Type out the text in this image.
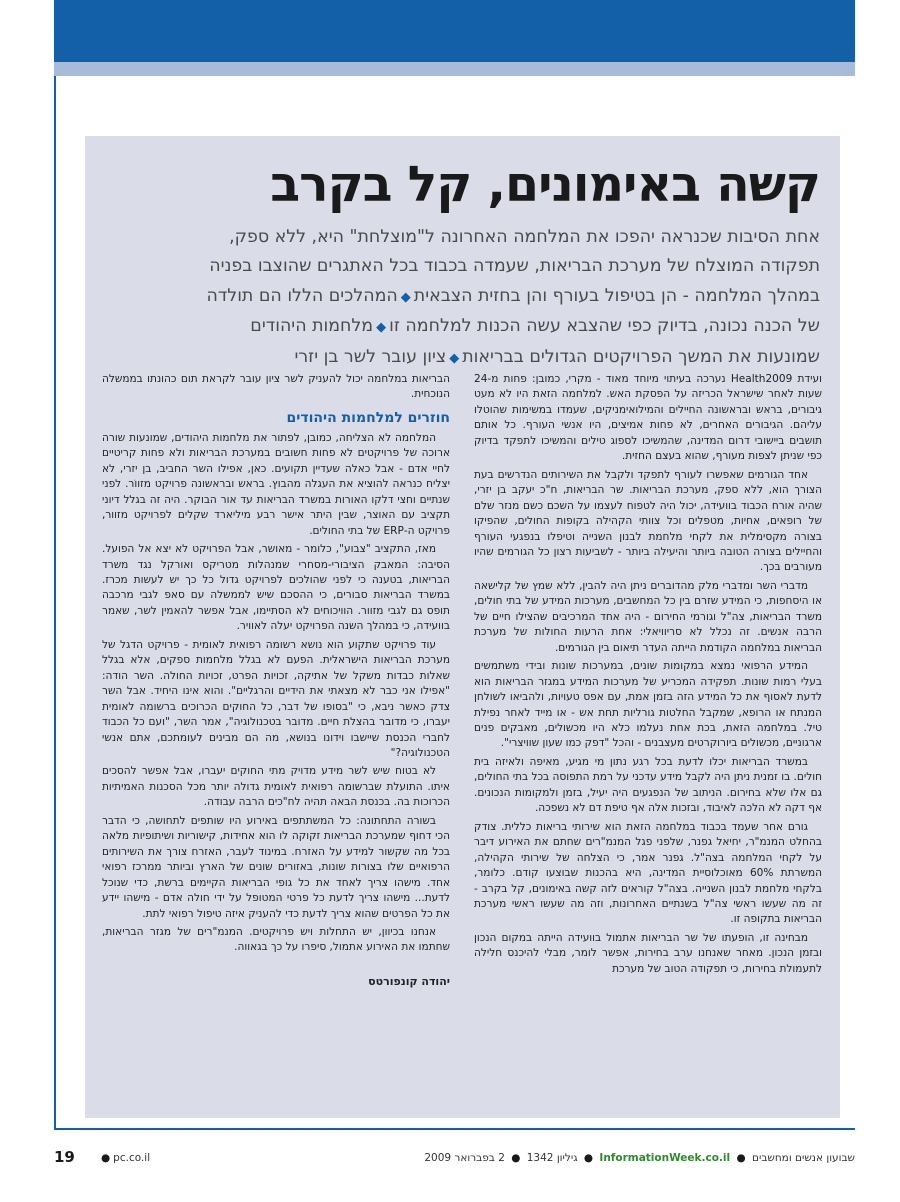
קשה באימונים, קל בקרב
אחת הסיבות שכנראה יהפכו את המלחמה האחרונה ל"מוצלחת" היא, ללא ספק,
תפקודה המוצלח של מערכת הבריאות, שעמדה בכבוד בכל האתגרים שהוצבו בפניה
במהלך המלחמה - הן בטיפול בעורף והן בחזית הצבאית◆המהלכים הללו הם תולדה
של הכנה נכונה, בדיוק כפי שהצבא עשה הכנות למלחמה זו◆מלחמות היהודים
שמונעות את המשך הפרויקטים הגדולים בבריאות◆ציון עובר לשר בן יזרי

ועידת Health2009 נערכה בעיתוי מיוחד מאוד - מקרי, כמובן: פחות מ-24 שעות לאחר שישראל הכריזה על הפסקת האש. למלחמה הזאת היו לא מעט גיבורים, בראש ובראשונה החיילים והמילואימניקים, שעמדו במשימות שהוטלו עליהם. הגיבורים האחרים, לא פחות אמיצים, היו אנשי העורף. כל אותם תושבים ביישובי דרום המדינה, שהמשיכו לספוג טילים והמשיכו לתפקד בדיוק כפי שניתן לצפות מעורף, שהוא בעצם החזית.

אחד הגורמים שאפשרו לעורף לתפקד ולקבל את השירותים הנדרשים בעת הצורך הוא, ללא ספק, מערכת הבריאות. שר הבריאות, ח"כ יעקב בן יזרי, שהיה אורח הכבוד בוועידה, יכול היה לטפוח לעצמו על השכם כשם מנזר שלם של רופאים, אחיות, מטפלים וכל צוותי הקהילה בקופות החולים, שהפיקו בצורה מקסימלית את לקחי מלחמת לבנון השנייה וטיפלו בנפגעי העורף והחיילים בצורה הטובה ביותר והיעילה ביותר - לשביעות רצון כל הגורמים שהיו מעורבים בכך.

מדברי השר ומדברי מלק מהדוברים ניתן היה להבין, ללא שמץ של קלישאה או היסחפות, כי המידע שזרם בין כל המחשבים, מערכות המידע של בתי חולים, משרד הבריאות, צה"ל וגורמי החירום - היה אחד המרכיבים שהצילו חיים של הרבה אנשים. זה נכלל לא סריוויאלי: אחת הרעות החולות של מערכת הבריאות במלחמה הקודמת הייתה העדר תיאום בין הגורמים.

המידע הרפואי נמצא במקומות שונים, במערכות שונות ובידי משתמשים בעלי רמות שונות. תפקידה המכריע של מערכות המידע במגזר הבריאות הוא לדעת לאסוף את כל המידע הזה בזמן אמת, עם אפס טעויות, ולהביאו לשולחן המנתח או הרופא, שמקבל החלטות גורליות תחת אש - או מייד לאחר נפילת טיל. במלחמה הזאת, בכת אחת נעלמו כלא היו מכשולים, מאבקים פנים ארגוניים, מכשולים ביורוקרטים מעצבנים - והכל "דפק כמו שעון שוויצרי".

במשרד הבריאות יכלו לדעת בכל רגע נתון מי מגיע, מאיפה ולאיזה בית חולים. בו זמנית ניתן היה לקבל מידע עדכני על רמת התפוסה בכל בתי החולים, גם אלו שלא בחירום. הניתוב של הנפגעים היה יעיל, בזמן ולמקומות הנכונים. אף דקה לא הלכה לאיבוד, ובזכות אלה אף טיפת דם לא נשפכה.

גורם אחר שעמד בכבוד במלחמה הזאת הוא שירותי בריאות כללית. צודק בהחלט המנמ"ר, יחיאל גפנר, שלפני פגל המנמ"רים שחתם את האירוע דיבר על לקחי המלחמה בצה"ל. גפנר אמר, כי הצלחה של שירותי הקהילה, המשרתת 60% מאוכלוסיית המדינה, היא בהכנות שבוצעו קודם. כלומר, בלקחי מלחמת לבנון השנייה. בצה"ל קוראים לזה קשה באימונים, קל בקרב - זה מה שעשו ראשי צה"ל בשנתיים האחרונות, וזה מה שעשו ראשי מערכת הבריאות בתקופה זו.

מבחינה זו, הופעתו של שר הבריאות אתמול בוועידה הייתה במקום הנכון ובזמן הנכון. מאחר שאנחנו ערב בחירות, אפשר לומר, מבלי להיכנס חלילה לתעמולת בחירות, כי תפקודה הטוב של מערכת

הבריאות במלחמה יכול להעניק לשר ציון עובר לקראת תום כהונתו בממשלה הנוכחית.

חוזרים למלחמות היהודים

המלחמה לא הצליחה, כמובן, לפתור את מלחמות היהודים, שמונעות שורה ארוכה של פרויקטים לא פחות חשובים במערכת הבריאות ולא פחות קריטיים לחיי אדם - אבל כאלה שעדיין תקועים. כאן, אפילו השר החביב, בן יזרי, לא יצליח כנראה להוציא את העגלה מהבוץ. בראש ובראשונה פרויקט מזווֹר. לפני שנתיים וחצי דלקו האורות במשרד הבריאות עד אור הבוקר. היה זה בגלל דיוני תקציב עם האוצר, שבין היתר אישר רבע מיליארד שקלים לפרויקט מזוור, פרויקט ה-ERP של בתי החולים.

מאז, התקציב "צבוע", כלומר - מאושר, אבל הפרויקט לא יצא אל הפועל. הסיבה: המאבק הציבורי-מסחרי שמנהלות מטריקס ואורקל נגד משרד הבריאות, בטענה כי לפני שהולכים לפרויקט גדול כל כך יש לעשות מכרז. במשרד הבריאות סבורים, כי ההסכם שיש לממשלה עם סאפ לגבי מרכבה תופס גם לגבי מזוור. הוויכוחים לא הסתיימו, אבל אפשר להאמין לשר, שאמר בוועידה, כי במהלך השנה הפרויקט יעלה לאוויר.

עוד פרויקט שתקוע הוא נושא רשומה רפואית לאומית - פרויקט הדגל של מערכת הבריאות הישראלית. הפעם לא בגלל מלחמות ספקים, אלא בגלל שאלות כבדות משקל של אתיקה, זכויות הפרט, זכויות החולה. השר הודה: "אפילו אני כבר לא מצאתי את הידיים והרגליים". והוא אינו היחיד. אבל השר צדק כאשר ניבא, כי "בסופו של דבר, כל החוקים הכרוכים ברשומה לאומית יעברו, כי מדובר בהצלת חיים. מדובר בטכנולוגיה", אמר השר, "ועם כל הכבוד לחברי הכנסת שיישבו וידונו בנושא, מה הם מבינים לעומתכם, אתם אנשי הטכנולוגיה?"

לא בטוח שיש לשר מידע מדויק מתי החוקים יעברו, אבל אפשר להסכים איתו. התועלת שברשומה רפואית לאומית גדולה יותר מכל הסכנות האמיתיות הכרוכות בה. בכנסת הבאה תהיה לח"כים הרבה עבודה.

בשורה התחתונה: כל המשתתפים באירוע היו שותפים לתחושה, כי הדבר הכי דחוף שמערכת הבריאות זקוקה לו הוא אחידות, קישוריות ושיתופיות מלאה בכל מה שקשור למידע על האזרח. במינוד לעבר, האזרח צורך את השירותים הרפואיים שלו בצורות שונות, באזורים שונים של הארץ וביותר ממרכז רפואי אחד. מישהו צריך לאחד את כל גופי הבריאות הקיימים ברשת, כדי שנוכל לדעת... מישהו צריך לדעת כל פרטי המטופל על ידי חולה אדם - מישהו יידע את כל הפרטים שהוא צריך לדעת כדי להעניק איזה טיפול רפואי לתת.

אנחנו בכיוון, יש התחלות ויש פרויקטים. המנמ"רים של מגזר הבריאות, שחתמו את האירוע אתמול, סיפרו על כך בגאווה.

יהודה קונפורטס
19 ● pc.co.il	שבועון אנשים ומחשבים ● InformationWeek.co.il ● גיליון 1342 ● 2 בפברואר 2009
